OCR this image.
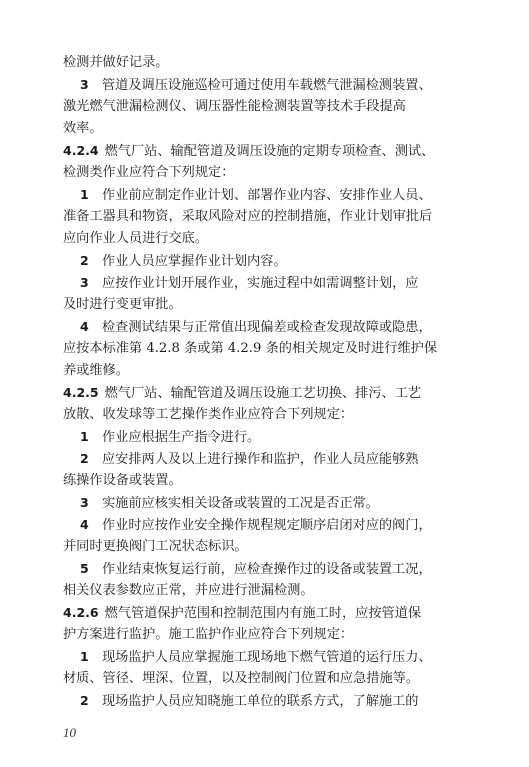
检测并做好记录。
3 管道及调压设施巡检可通过使用车载燃气泄漏检测装置、
激光燃气泄漏检测仪、调压器性能检测装置等技术手段提高
效率。
4.2.4 燃气厂站、输配管道及调压设施的定期专项检查、测试、
检测类作业应符合下列规定：
1 作业前应制定作业计划、部署作业内容、安排作业人员、
准备工器具和物资，采取风险对应的控制措施，作业计划审批后
应向作业人员进行交底。
2 作业人员应掌握作业计划内容。
3 应按作业计划开展作业，实施过程中如需调整计划，应
及时进行变更审批。
4 检查测试结果与正常值出现偏差或检查发现故障或隐患，
应按本标准第 4.2.8 条或第 4.2.9 条的相关规定及时进行维护保
养或维修。
4.2.5 燃气厂站、输配管道及调压设施工艺切换、排污、工艺
放散、收发球等工艺操作类作业应符合下列规定：
1 作业应根据生产指令进行。
2 应安排两人及以上进行操作和监护，作业人员应能够熟
练操作设备或装置。
3 实施前应核实相关设备或装置的工况是否正常。
4 作业时应按作业安全操作规程规定顺序启闭对应的阀门，
并同时更换阀门工况状态标识。
5 作业结束恢复运行前，应检查操作过的设备或装置工况，
相关仪表参数应正常，并应进行泄漏检测。
4.2.6 燃气管道保护范围和控制范围内有施工时，应按管道保
护方案进行监护。施工监护作业应符合下列规定：
10
1 现场监护人员应掌握施工现场地下燃气管道的运行压力、
材质、管径、埋深、位置，以及控制阀门位置和应急措施等。
2 现场监护人员应知晓施工单位的联系方式，了解施工的
